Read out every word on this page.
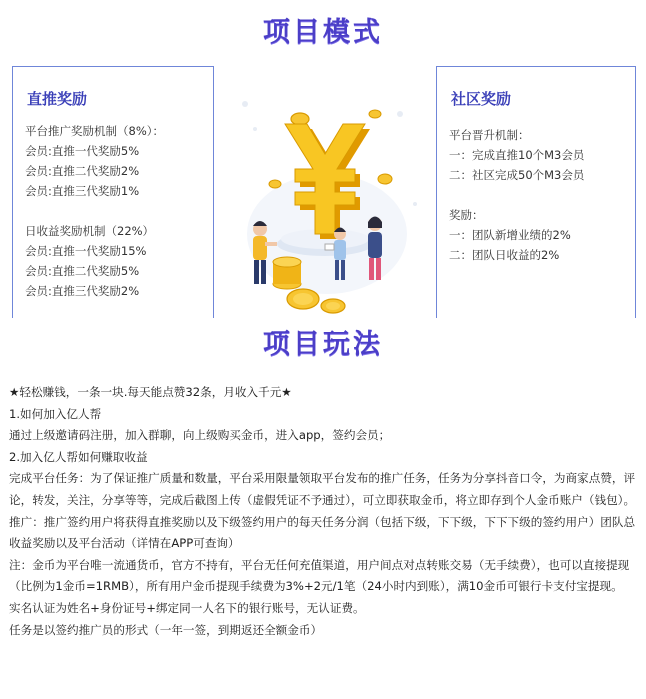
项目模式
直推奖励
平台推广奖励机制（8%）：
会员:直推一代奖励5%
会员:直推二代奖励2%
会员:直推三代奖励1%
日收益奖励机制（22%）
会员:直推一代奖励15%
会员:直推二代奖励5%
会员:直推三代奖励2%
社区奖励
平台晋升机制：
一：完成直推10个M3会员
二：社区完成50个M3会员
奖励：
一：团队新增业绩的2%
二：团队日收益的2%
项目玩法
★轻松赚钱，一条一块.每天能点赞32条，月收入千元★
1.如何加入亿人帮
通过上级邀请码注册，加入群聊，向上级购买金币，进入app，签约会员；
2.加入亿人帮如何赚取收益
完成平台任务：为了保证推广质量和数量，平台采用限量领取平台发布的推广任务，任务为分享抖音口令，为商家点赞，评论，转发，关注，分享等等，完成后截图上传（虚假凭证不予通过），可立即获取金币，将立即存到个人金币账户（钱包）。
推广：推广签约用户将获得直推奖励以及下级签约用户的每天任务分润（包括下级，下下级，下下下级的签约用户）团队总收益奖励以及平台活动（详情在APP可查询）
注：金币为平台唯一流通货币，官方不持有，平台无任何充值渠道，用户间点对点转账交易（无手续费），也可以直接提现（比例为1金币=1RMB），所有用户金币提现手续费为3%+2元/1笔（24小时内到账），满10金币可银行卡支付宝提现。
实名认证为姓名+身份证号+绑定同一人名下的银行账号，无认证费。
任务是以签约推广员的形式（一年一签，到期返还全额金币）
